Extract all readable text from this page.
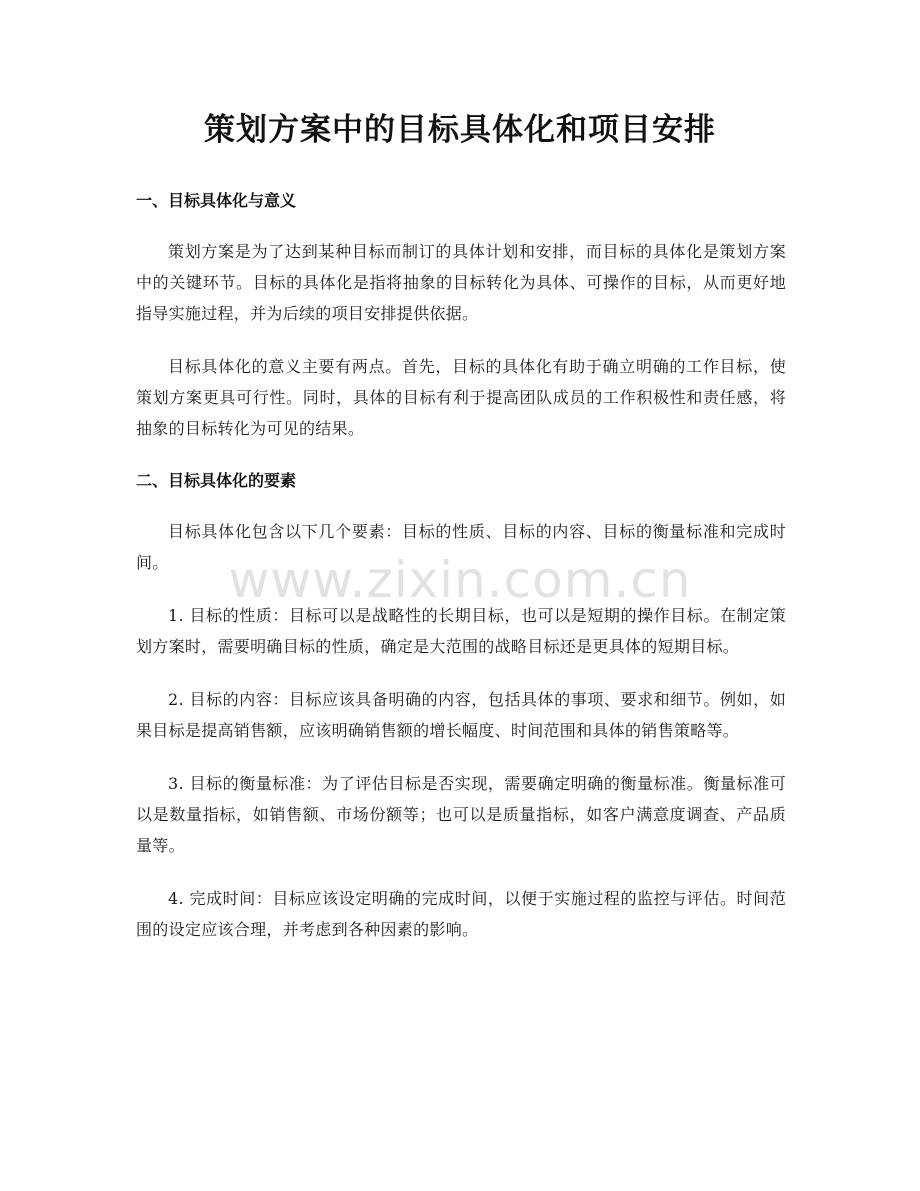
策划方案中的目标具体化和项目安排
一、目标具体化与意义

策划方案是为了达到某种目标而制订的具体计划和安排，而目标的具体化是策划方案中的关键环节。目标的具体化是指将抽象的目标转化为具体、可操作的目标，从而更好地指导实施过程，并为后续的项目安排提供依据。

目标具体化的意义主要有两点。首先，目标的具体化有助于确立明确的工作目标，使策划方案更具可行性。同时，具体的目标有利于提高团队成员的工作积极性和责任感，将抽象的目标转化为可见的结果。

二、目标具体化的要素

目标具体化包含以下几个要素：目标的性质、目标的内容、目标的衡量标准和完成时间。

1. 目标的性质：目标可以是战略性的长期目标，也可以是短期的操作目标。在制定策划方案时，需要明确目标的性质，确定是大范围的战略目标还是更具体的短期目标。

2. 目标的内容：目标应该具备明确的内容，包括具体的事项、要求和细节。例如，如果目标是提高销售额，应该明确销售额的增长幅度、时间范围和具体的销售策略等。

3. 目标的衡量标准：为了评估目标是否实现，需要确定明确的衡量标准。衡量标准可以是数量指标，如销售额、市场份额等；也可以是质量指标，如客户满意度调查、产品质量等。

4. 完成时间：目标应该设定明确的完成时间，以便于实施过程的监控与评估。时间范围的设定应该合理，并考虑到各种因素的影响。

www.zixin.com.cn
